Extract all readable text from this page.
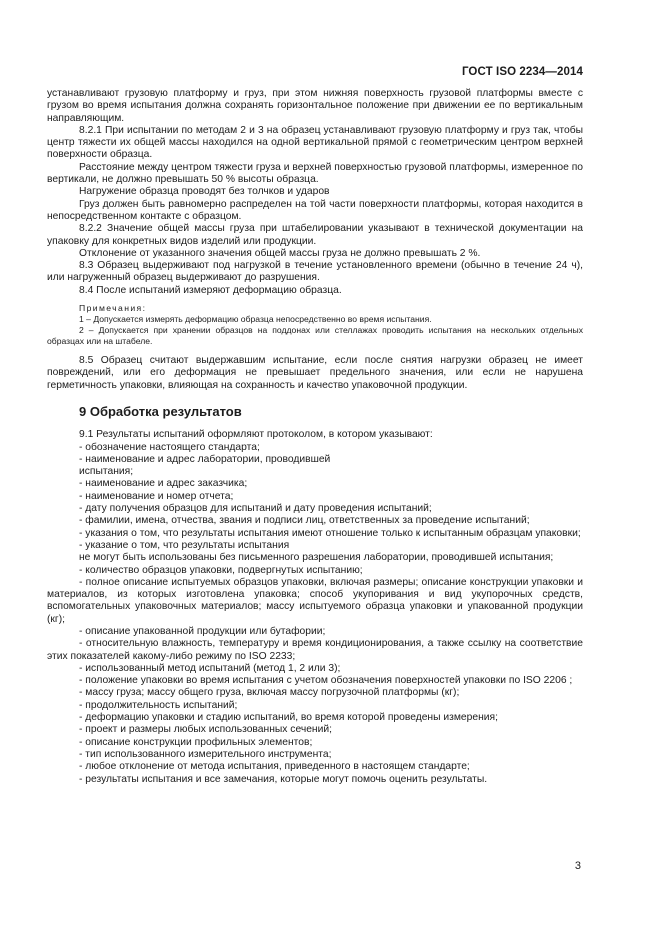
ГОСТ ISO 2234—2014

устанавливают грузовую платформу и груз, при этом нижняя поверхность грузовой платформы вместе с грузом во время испытания должна сохранять горизонтальное положение при движении ее по вертикальным направляющим.

8.2.1 При испытании по методам 2 и 3 на образец устанавливают грузовую платформу и груз так, чтобы центр тяжести их общей массы находился на одной вертикальной прямой с геометрическим центром верхней поверхности образца.

Расстояние между центром тяжести груза и верхней поверхностью грузовой платформы, измеренное по вертикали, не должно превышать 50 % высоты образца.

Нагружение образца проводят без толчков и ударов

Груз должен быть равномерно распределен на той части поверхности платформы, которая находится в непосредственном контакте с образцом.

8.2.2 Значение общей массы груза при штабелировании указывают в технической документации на упаковку для конкретных видов изделий или продукции.

Отклонение от указанного значения общей массы груза не должно превышать 2 %.

8.3 Образец выдерживают под нагрузкой в течение установленного времени (обычно в течение 24 ч), или нагруженный образец выдерживают до разрушения.

8.4 После испытаний измеряют деформацию образца.

Примечания:

1 – Допускается измерять деформацию образца непосредственно во время испытания.

2 – Допускается при хранении образцов на поддонах или стеллажах проводить испытания на нескольких отдельных образцах или на штабеле.

8.5 Образец считают выдержавшим испытание, если после снятия нагрузки образец не имеет повреждений, или его деформация не превышает предельного значения, или если не нарушена герметичность упаковки, влияющая на сохранность и качество упаковочной продукции.

9 Обработка результатов

9.1 Результаты испытаний оформляют протоколом, в котором указывают:

- обозначение настоящего стандарта;

- наименование и адрес лаборатории, проводившей

испытания;

- наименование и адрес заказчика;

- наименование и номер отчета;

- дату получения образцов для испытаний и дату проведения испытаний;

- фамилии, имена, отчества, звания и подписи лиц, ответственных за проведение испытаний;

- указания о том, что результаты испытания имеют отношение только к испытанным образцам упаковки;

- указание о том, что результаты испытания

не могут быть использованы без письменного разрешения лаборатории, проводившей испытания;

- количество образцов упаковки, подвергнутых испытанию;

- полное описание испытуемых образцов упаковки, включая размеры; описание конструкции упаковки и материалов, из которых изготовлена упаковка; способ укупоривания и вид укупорочных средств, вспомогательных упаковочных материалов; массу испытуемого образца упаковки и упакованной продукции (кг);

- описание упакованной продукции или бутафории;

- относительную влажность, температуру и время кондиционирования, а также ссылку на соответствие этих показателей какому-либо режиму по ISO 2233;

- использованный метод испытаний (метод 1, 2 или 3);

- положение упаковки во время испытания с учетом обозначения поверхностей упаковки по ISO 2206 ;

- массу груза; массу общего груза, включая массу погрузочной платформы (кг);

- продолжительность испытаний;

- деформацию упаковки и стадию испытаний, во время которой проведены измерения;

- проект и размеры любых использованных сечений;

- описание конструкции профильных элементов;

- тип использованного измерительного инструмента;

- любое отклонение от метода испытания, приведенного в настоящем стандарте;

- результаты испытания и все замечания, которые могут помочь оценить результаты.

3
